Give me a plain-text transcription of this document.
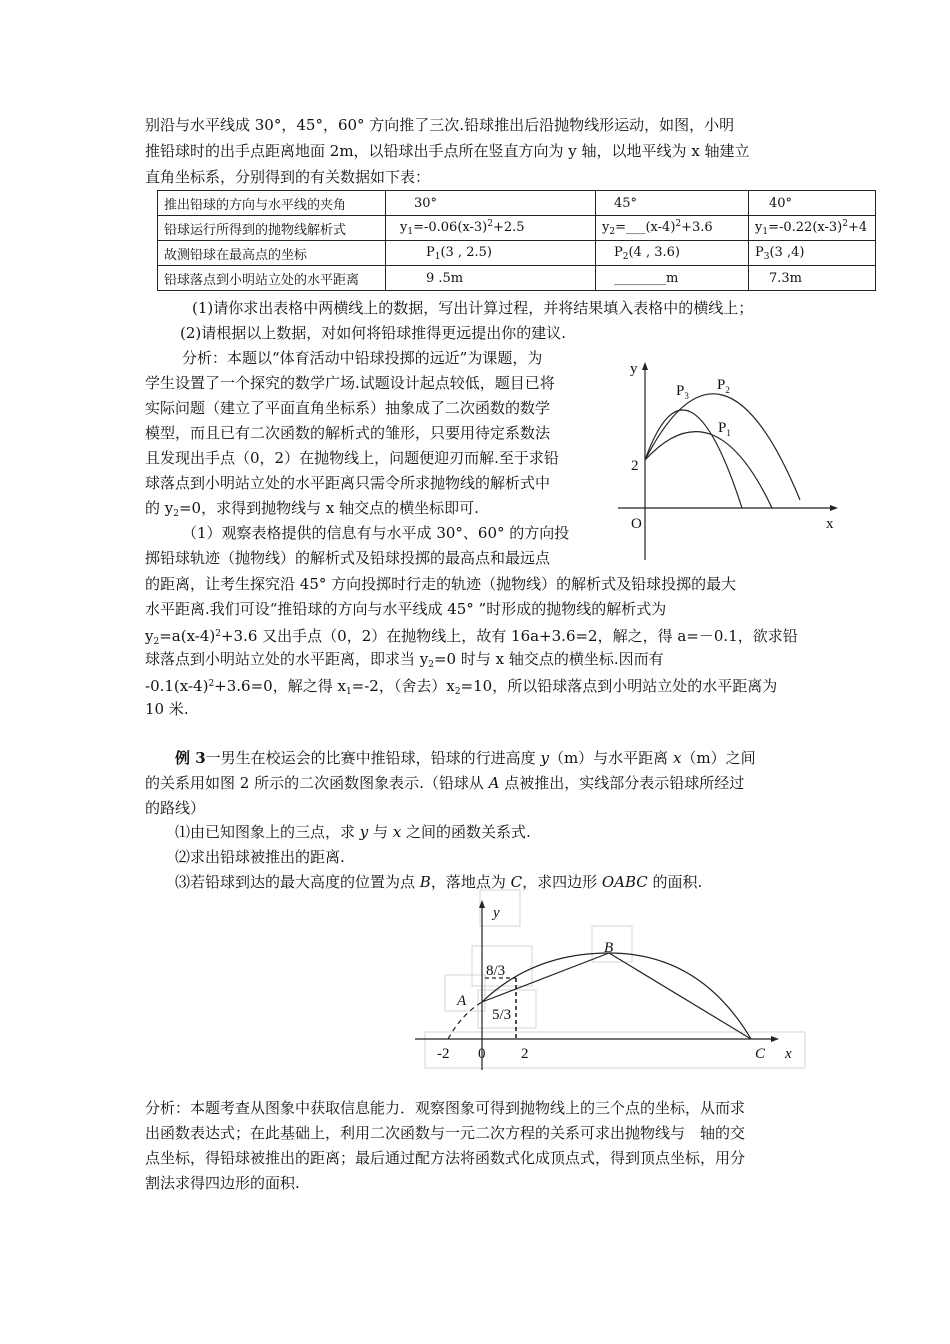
别沿与水平线成 30°，45°，60° 方向推了三次.铅球推出后沿抛物线形运动，如图，小明
推铅球时的出手点距离地面 2m，以铅球出手点所在竖直方向为 y 轴，以地平线为 x 轴建立
直角坐标系，分别得到的有关数据如下表：
推出铅球的方向与水平线的夹角	30°	45°	40°
铅球运行所得到的抛物线解析式	$y_1=-0.06(x-3)^2+2.5$	$y_2=\_\_\_(x-4)^2+3.6$	$y_1=-0.22(x-3)^2+4$
故测铅球在最高点的坐标	$P_1(3$ , 2.5)	$P_2(4$ , 3.6)	$P_3(3$ ,4)
铅球落点到小明站立处的水平距离	9 .5m	________m	7.3m
(1)请你求出表格中两横线上的数据，写出计算过程，并将结果填入表格中的横线上；
(2)请根据以上数据，对如何将铅球推得更远提出你的建议.
分析：本题以“体育活动中铅球投掷的远近”为课题，为
学生设置了一个探究的数学广场.试题设计起点较低，题目已将
实际问题（建立了平面直角坐标系）抽象成了二次函数的数学
模型，而且已有二次函数的解析式的雏形，只要用待定系数法
且发现出手点（0，2）在抛物线上，问题便迎刃而解.至于求铅
球落点到小明站立处的水平距离只需令所求抛物线的解析式中
的 $y_2=0$，求得到抛物线与 x 轴交点的横坐标即可.
（1）观察表格提供的信息有与水平成 30°、60° 的方向投
掷铅球轨迹（抛物线）的解析式及铅球投掷的最高点和最远点
的距离，让考生探究沿 45° 方向投掷时行走的轨迹（抛物线）的解析式及铅球投掷的最大
水平距离.我们可设“推铅球的方向与水平线成 45° ”时形成的抛物线的解析式为
$y_2=a(x-4)^2+3.6$ 又出手点（0，2）在抛物线上，故有 16a+3.6=2，解之，得 a=－0.1，欲求铅
球落点到小明站立处的水平距离，即求当 $y_2=0$ 时与 x 轴交点的横坐标.因而有
$-0.1(x-4)^2+3.6=0$，解之得 $x_1=-2$，（舍去）$x_2=10$，所以铅球落点到小明站立处的水平距离为
10 米.
y
x
O
2
$P_3$
$P_2$
$P_1$
例 3一男生在校运会的比赛中推铅球，铅球的行进高度 y（m）与水平距离 x（m）之间
的关系用如图 2 所示的二次函数图象表示.（铅球从 A 点被推出，实线部分表示铅球所经过
的路线）
⑴由已知图象上的三点，求 y 与 x 之间的函数关系式.
⑵求出铅球被推出的距离.
⑶若铅球到达的最大高度的位置为点 B，落地点为 C，求四边形 OABC 的面积.
y
x
A
B
C
8/3
5/3
-2 0 2
分析：本题考查从图象中获取信息能力．观察图象可得到抛物线上的三个点的坐标，从而求
出函数表达式；在此基础上，利用二次函数与一元二次方程的关系可求出抛物线与　轴的交
点坐标，得铅球被推出的距离；最后通过配方法将函数式化成顶点式，得到顶点坐标，用分
割法求得四边形的面积.
